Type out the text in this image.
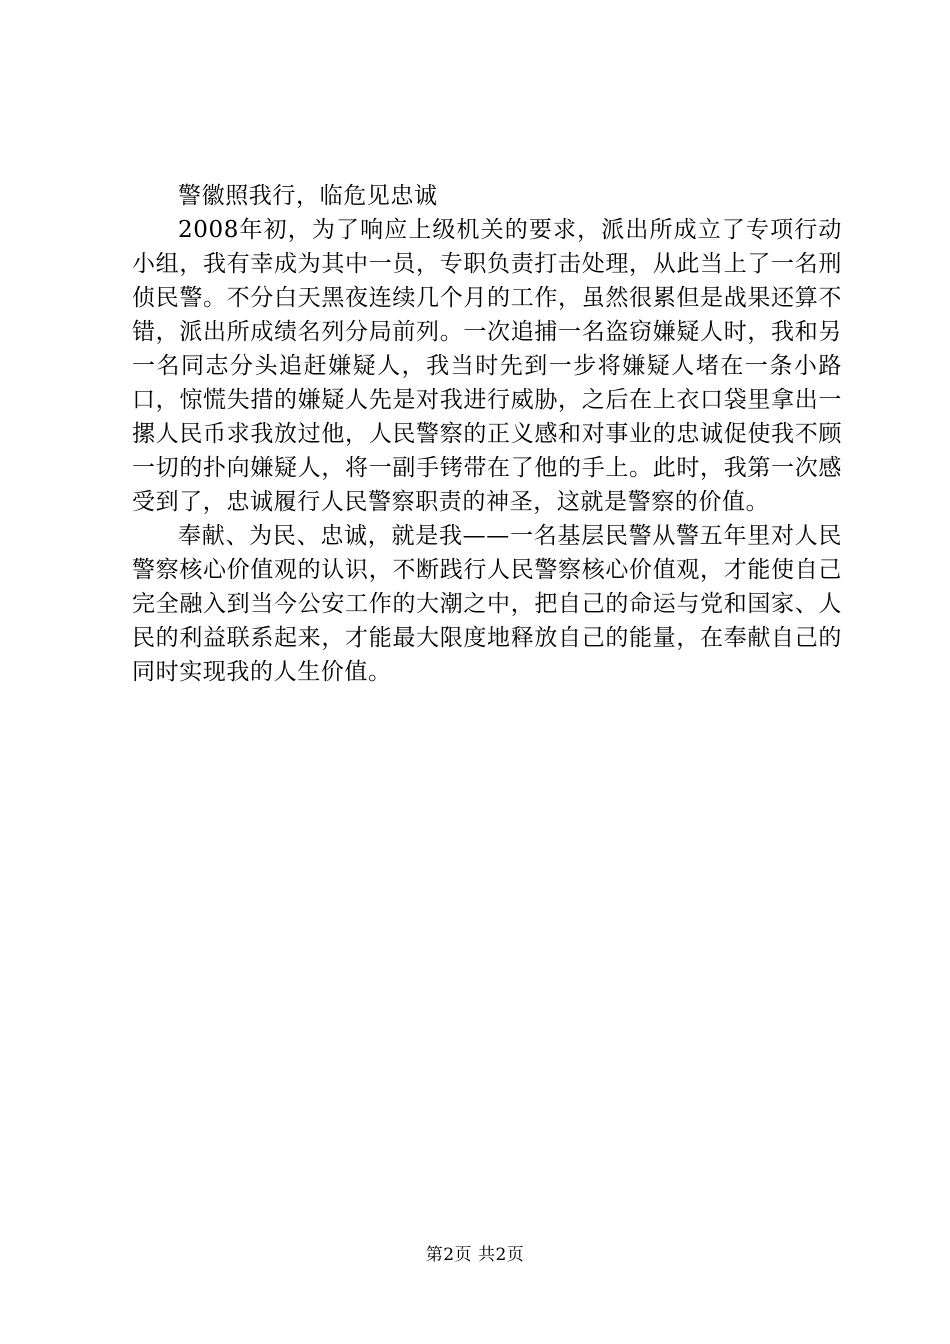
警徽照我行，临危见忠诚

2008年初，为了响应上级机关的要求，派出所成立了专项行动小组，我有幸成为其中一员，专职负责打击处理，从此当上了一名刑侦民警。不分白天黑夜连续几个月的工作，虽然很累但是战果还算不错，派出所成绩名列分局前列。一次追捕一名盗窃嫌疑人时，我和另一名同志分头追赶嫌疑人，我当时先到一步将嫌疑人堵在一条小路口，惊慌失措的嫌疑人先是对我进行威胁，之后在上衣口袋里拿出一摞人民币求我放过他，人民警察的正义感和对事业的忠诚促使我不顾一切的扑向嫌疑人，将一副手铐带在了他的手上。此时，我第一次感受到了，忠诚履行人民警察职责的神圣，这就是警察的价值。

奉献、为民、忠诚，就是我——一名基层民警从警五年里对人民警察核心价值观的认识，不断践行人民警察核心价值观，才能使自己完全融入到当今公安工作的大潮之中，把自己的命运与党和国家、人民的利益联系起来，才能最大限度地释放自己的能量，在奉献自己的同时实现我的人生价值。

第2页 共2页
